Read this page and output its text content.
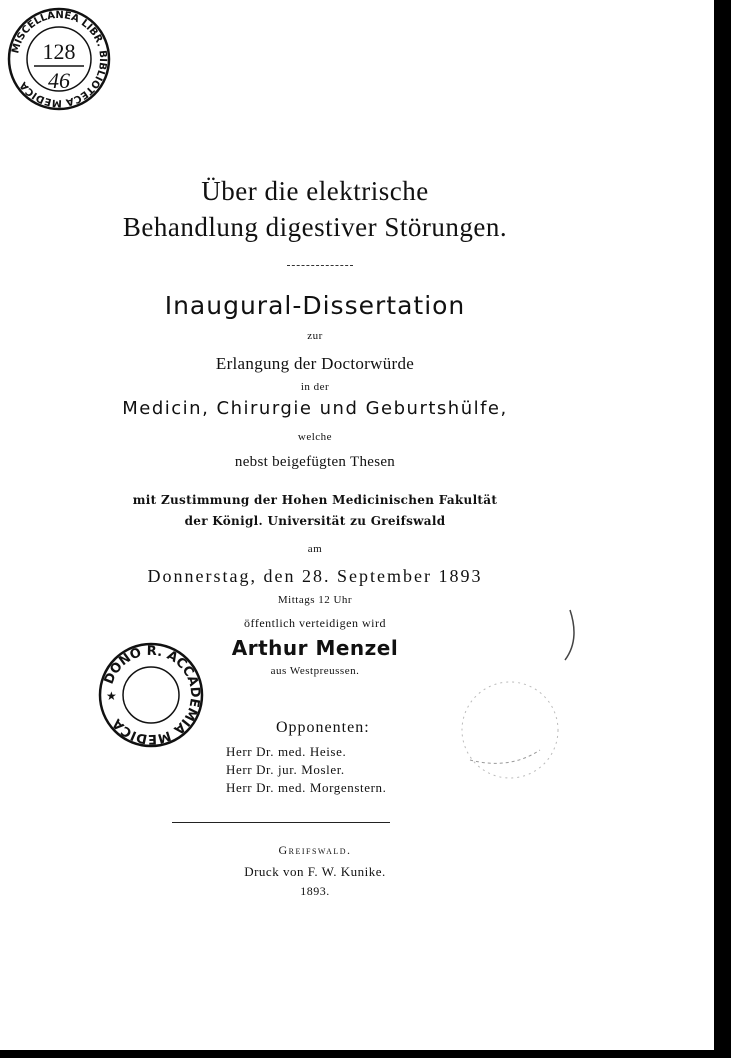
MISCELLANEA LIBR. BIBLIOTECA MEDICA
128
46
Über die elektrische
Behandlung digestiver Störungen.
Inaugural-Dissertation
zur
Erlangung der Doctorwürde
in der
Medicin, Chirurgie und Geburtshülfe,
welche
nebst beigefügten Thesen
mit Zustimmung der Hohen Medicinischen Fakultät
der Königl. Universität zu Greifswald
am
Donnerstag, den 28. September 1893
Mittags 12 Uhr
öffentlich verteidigen wird
Arthur Menzel
aus Westpreussen.
DONO R. ACCADEMIA MEDICA
★
Opponenten:
Herr Dr. med. Heise.
Herr Dr. jur. Mosler.
Herr Dr. med. Morgenstern.
Greifswald.
Druck von F. W. Kunike.
1893.
